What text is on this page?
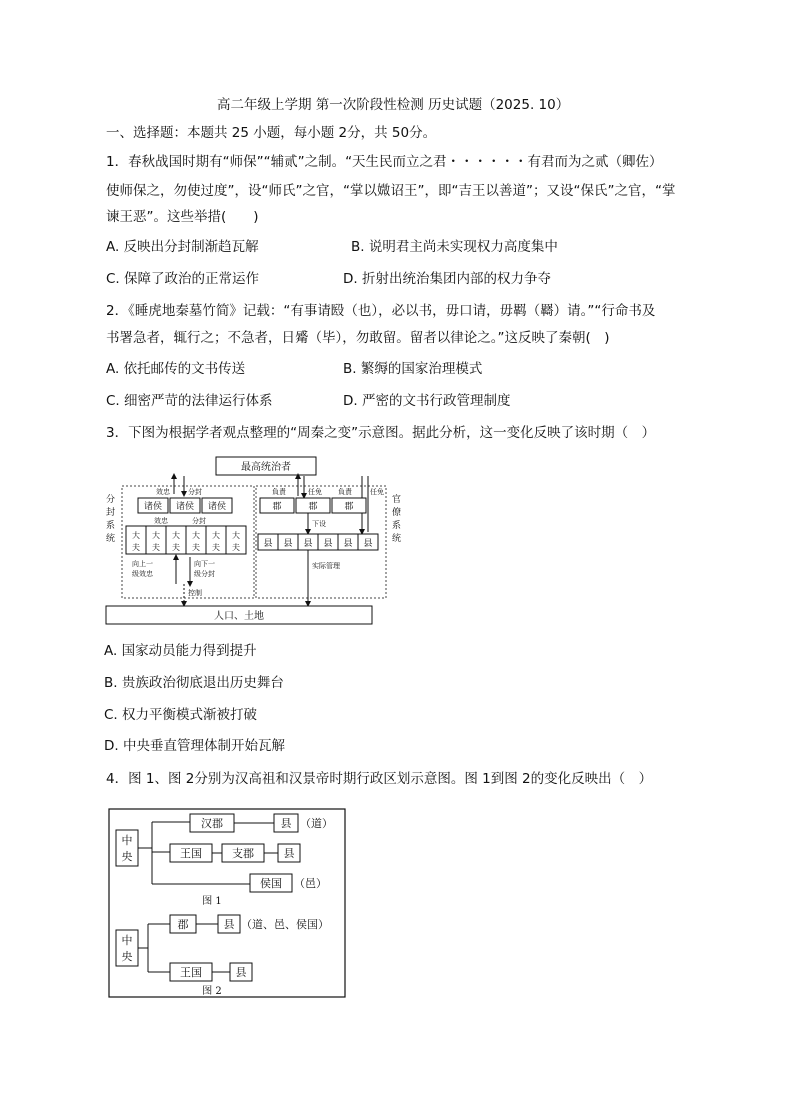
高二年级上学期 第一次阶段性检测 历史试题（2025. 10）
一、选择题：本题共 25 小题，每小题 2分，共 50分。
1．春秋战国时期有“师保”“辅贰”之制。“天生民而立之君・・・・・・有君而为之贰（卿佐）
使师保之，勿使过度”，设“师氏”之官，“掌以媺诏王”，即“吉王以善道”；又设“保氏”之官，“掌
谏王恶”。这些举措(　　)
A. 反映出分封制渐趋瓦解	B. 说明君主尚未实现权力高度集中
C. 保障了政治的正常运作	D. 折射出统治集团内部的权力争夺
2．《睡虎地秦墓竹简》记载：“有事请殹（也），必以书，毋口请，毋羁（羇）请。”“行命书及
书署急者，辄行之；不急者，日觱（毕），勿敢留。留者以律论之。”这反映了秦朝(　)
A. 依托邮传的文书传送	B. 繁缛的国家治理模式
C. 细密严苛的法律运行体系	D. 严密的文书行政管理制度
3．下图为根据学者观点整理的“周秦之变”示意图。据此分析，这一变化反映了该时期（　）
最高统治者
分封系统
官僚系统
效忠	分封
诸侯 诸侯 诸侯
效忠	分封
大
夫
大
夫
大
夫
大
夫
大
夫
大
夫
向上一
级效忠
向下一
级分封
控制
負責	任免 負責	任免
郡	郡	郡
下设
县 县 县 县 县 县
实际管理
人口、土地
A. 国家动员能力得到提升
B. 贵族政治彻底退出历史舞台
C. 权力平衡模式渐被打破
D. 中央垂直管理体制开始瓦解
4．图 1、图 2分别为汉高祖和汉景帝时期行政区划示意图。图 1到图 2的变化反映出（　）
中
央
汉郡	县 （道）
王国	支郡	县
侯国 （邑）
图 1
中
央
郡	县 （道、邑、侯国）
王国	县
图 2
